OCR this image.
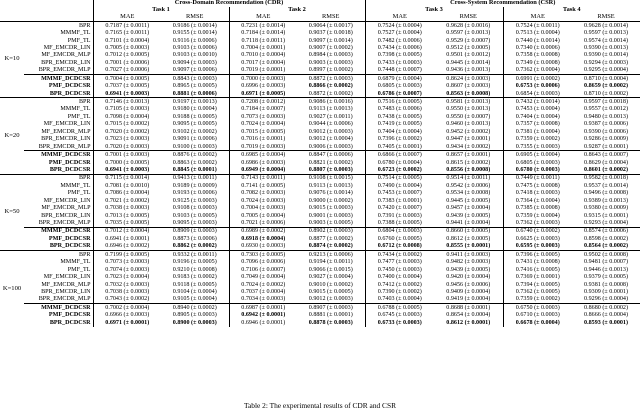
		Cross-Domain Recommendation (CDR)				Cross-System Recommendation (CSR)			
		Task 1		Task 2		Task 3		Task 4	
		MAE	RMSE	MAE	RMSE	MAE	RMSE	MAE	RMSE
K=10	BPR	0.7187 (± 0.0011)	0.9186 (± 0.0014)	0.7231 (± 0.0014)	0.9064 (± 0.0017)	0.7524 (± 0.0004)	0.9628 (± 0.0016)	0.7524 (± 0.0011)	0.9628 (± 0.0014)
	MMMF_TL	0.7165 (± 0.0011)	0.9155 (± 0.0014)	0.7184 (± 0.0014)	0.9037 (± 0.0018)	0.7527 (± 0.0004)	0.9597 (± 0.0013)	0.7513 (± 0.0004)	0.9597 (± 0.0013)
	PMF_TL	0.7101 (± 0.0004)	0.9116 (± 0.0006)	0.7118 (± 0.0011)	0.9097 (± 0.0014)	0.7482 (± 0.0006)	0.9529 (± 0.0007)	0.7440 (± 0.0014)	0.9574 (± 0.0014)
	MF_EMCDR_LIN	0.7005 (± 0.0003)	0.9103 (± 0.0006)	0.7004 (± 0.0001)	0.9007 (± 0.0002)	0.7434 (± 0.0006)	0.9512 (± 0.0005)	0.7340 (± 0.0006)	0.9390 (± 0.0013)
	MF_EMCDR_MLP	0.7012 (± 0.0005)	0.9103 (± 0.0010)	0.7010 (± 0.0004)	0.8984 (± 0.0003)	0.7398 (± 0.0005)	0.9501 (± 0.0012)	0.7358 (± 0.0008)	0.9390 (± 0.0014)
	BPR_EMCDR_LIN	0.7001 (± 0.0006)	0.9094 (± 0.0003)	0.7017 (± 0.0004)	0.9003 (± 0.0003)	0.7433 (± 0.0003)	0.9445 (± 0.0014)	0.7349 (± 0.0008)	0.9294 (± 0.0003)
	BPR_EMCDR_MLP	0.7027 (± 0.0006)	0.9097 (± 0.0006)	0.7019 (± 0.0001)	0.8997 (± 0.0002)	0.7448 (± 0.0007)	0.9436 (± 0.0013)	0.7362 (± 0.0004)	0.9295 (± 0.0004)
	MMMF_DCDCSR	0.7004 (± 0.0005)	0.8843 (± 0.0003)	0.7000 (± 0.0003)	0.8872 (± 0.0003)	0.6879 (± 0.0004)	0.8624 (± 0.0003)	0.6991 (± 0.0002)	0.8710 (± 0.0004)
	PMF_DCDCSR	0.7037 (± 0.0005)	0.8965 (± 0.0005)	0.6996 (± 0.0003)	0.8866 (± 0.0002)	0.6805 (± 0.0003)	0.8607 (± 0.0003)	0.6753 (± 0.0006)	0.8659 (± 0.0002)
	BPR_DCDCSR	0.6941 (± 0.0003)	0.8881 (± 0.0006)	0.6971 (± 0.0005)	0.8872 (± 0.0002)	0.6786 (± 0.0007)	0.8563 (± 0.0008)	0.6854 (± 0.0003)	0.8710 (± 0.0002)
K=20	BPR	0.7146 (± 0.0013)	0.9197 (± 0.0013)	0.7208 (± 0.0012)	0.9086 (± 0.0016)	0.7516 (± 0.0005)	0.9581 (± 0.0013)	0.7432 (± 0.0014)	0.9597 (± 0.0018)
	MMMF_TL	0.7105 (± 0.0003)	0.9180 (± 0.0004)	0.7184 (± 0.0007)	0.9113 (± 0.0013)	0.7483 (± 0.0006)	0.9550 (± 0.0013)	0.7453 (± 0.0004)	0.9557 (± 0.0012)
	PMF_TL	0.7098 (± 0.0004)	0.9188 (± 0.0005)	0.7073 (± 0.0003)	0.9027 (± 0.0011)	0.7438 (± 0.0005)	0.9550 (± 0.0007)	0.7404 (± 0.0004)	0.9480 (± 0.0013)
	MF_EMCDR_LIN	0.7015 (± 0.0002)	0.9095 (± 0.0005)	0.7024 (± 0.0004)	0.9044 (± 0.0006)	0.7419 (± 0.0005)	0.9460 (± 0.0013)	0.7357 (± 0.0008)	0.9387 (± 0.0006)
	MF_EMCDR_MLP	0.7020 (± 0.0002)	0.9102 (± 0.0002)	0.7015 (± 0.0005)	0.9012 (± 0.0003)	0.7404 (± 0.0004)	0.9452 (± 0.0002)	0.7381 (± 0.0004)	0.9390 (± 0.0006)
	BPR_EMCDR_LIN	0.7023 (± 0.0003)	0.9091 (± 0.0006)	0.7016 (± 0.0001)	0.9012 (± 0.0004)	0.7396 (± 0.0002)	0.9447 (± 0.0001)	0.7359 (± 0.0002)	0.9286 (± 0.0009)
	BPR_EMCDR_MLP	0.7020 (± 0.0003)	0.9100 (± 0.0003)	0.7019 (± 0.0003)	0.9006 (± 0.0003)	0.7405 (± 0.0001)	0.9434 (± 0.0002)	0.7355 (± 0.0003)	0.9287 (± 0.0001)
	MMMF_DCDCSR	0.7001 (± 0.0003)	0.8876 (± 0.0002)	0.6985 (± 0.0004)	0.8847 (± 0.0006)	0.6866 (± 0.0007)	0.8657 (± 0.0001)	0.6905 (± 0.0004)	0.8643 (± 0.0007)
	PMF_DCDCSR	0.7000 (± 0.0005)	0.8863 (± 0.0002)	0.6986 (± 0.0003)	0.8821 (± 0.0002)	0.6780 (± 0.0004)	0.8615 (± 0.0002)	0.6805 (± 0.0003)	0.8629 (± 0.0004)
	BPR_DCDCSR	0.6941 (± 0.0003)	0.8845 (± 0.0001)	0.6949 (± 0.0004)	0.8807 (± 0.0003)	0.6723 (± 0.0002)	0.8556 (± 0.0008)	0.6780 (± 0.0003)	0.8601 (± 0.0002)
K=50	BPR	0.7115 (± 0.0014)	0.9413 (± 0.0011)	0.7143 (± 0.0011)	0.9108 (± 0.0015)	0.7514 (± 0.0005)	0.9514 (± 0.0011)	0.7449 (± 0.0011)	0.9582 (± 0.0018)
	MMMF_TL	0.7081 (± 0.0010)	0.9189 (± 0.0009)	0.7141 (± 0.0005)	0.9113 (± 0.0013)	0.7490 (± 0.0004)	0.9542 (± 0.0006)	0.7475 (± 0.0008)	0.9537 (± 0.0014)
	PMF_TL	0.7086 (± 0.0004)	0.9193 (± 0.0006)	0.7082 (± 0.0003)	0.9076 (± 0.0014)	0.7453 (± 0.0007)	0.9534 (± 0.0008)	0.7418 (± 0.0003)	0.9496 (± 0.0008)
	MF_EMCDR_LIN	0.7021 (± 0.0002)	0.9125 (± 0.0003)	0.7024 (± 0.0003)	0.9000 (± 0.0002)	0.7383 (± 0.0001)	0.9445 (± 0.0005)	0.7364 (± 0.0004)	0.9389 (± 0.0013)
	MF_EMCDR_MLP	0.7038 (± 0.0003)	0.9108 (± 0.0003)	0.7004 (± 0.0003)	0.9015 (± 0.0003)	0.7420 (± 0.0007)	0.9457 (± 0.0004)	0.7385 (± 0.0008)	0.9380 (± 0.0009)
	BPR_EMCDR_LIN	0.7013 (± 0.0005)	0.9103 (± 0.0005)	0.7005 (± 0.0004)	0.9001 (± 0.0003)	0.7391 (± 0.0003)	0.9439 (± 0.0005)	0.7359 (± 0.0004)	0.9315 (± 0.0001)
	BPR_EMCDR_MLP	0.7035 (± 0.0005)	0.9095 (± 0.0003)	0.7021 (± 0.0006)	0.9003 (± 0.0005)	0.7388 (± 0.0005)	0.9441 (± 0.0004)	0.7362 (± 0.0003)	0.9293 (± 0.0004)
	MMMF_DCDCSR	0.7012 (± 0.0004)	0.8909 (± 0.0003)	0.6989 (± 0.0002)	0.8902 (± 0.0003)	0.6804 (± 0.0003)	0.8660 (± 0.0005)	0.6740 (± 0.0002)	0.8574 (± 0.0006)
	PMF_DCDCSR	0.6941 (± 0.0001)	0.8873 (± 0.0006)	0.6918 (± 0.0004)	0.8877 (± 0.0002)	0.6760 (± 0.0005)	0.8612 (± 0.0005)	0.6625 (± 0.0003)	0.8598 (± 0.0002)
	BPR_DCDCSR	0.6946 (± 0.0002)	0.8862 (± 0.0002)	0.6930 (± 0.0003)	0.8874 (± 0.0002)	0.6712 (± 0.0008)	0.8555 (± 0.0001)	0.6595 (± 0.0003)	0.8564 (± 0.0002)
K=100	BPR	0.7199 (± 0.0005)	0.9332 (± 0.0011)	0.7303 (± 0.0005)	0.9213 (± 0.0006)	0.7434 (± 0.0002)	0.9411 (± 0.0003)	0.7396 (± 0.0005)	0.9502 (± 0.0008)
	MMMF_TL	0.7073 (± 0.0003)	0.9196 (± 0.0005)	0.7096 (± 0.0006)	0.9194 (± 0.0011)	0.7477 (± 0.0003)	0.9482 (± 0.0003)	0.7431 (± 0.0008)	0.9481 (± 0.0007)
	PMF_TL	0.7074 (± 0.0003)	0.9210 (± 0.0008)	0.7106 (± 0.0007)	0.9066 (± 0.0015)	0.7450 (± 0.0003)	0.9439 (± 0.0005)	0.7416 (± 0.0005)	0.9446 (± 0.0013)
	MF_EMCDR_LIN	0.7023 (± 0.0004)	0.9183 (± 0.0002)	0.7049 (± 0.0004)	0.9027 (± 0.0004)	0.7400 (± 0.0004)	0.9420 (± 0.0004)	0.7369 (± 0.0001)	0.9379 (± 0.0005)
	MF_EMCDR_MLP	0.7032 (± 0.0003)	0.9118 (± 0.0005)	0.7024 (± 0.0002)	0.9010 (± 0.0002)	0.7412 (± 0.0002)	0.9456 (± 0.0006)	0.7394 (± 0.0005)	0.9381 (± 0.0008)
	BPR_EMCDR_LIN	0.7038 (± 0.0003)	0.9104 (± 0.0004)	0.7037 (± 0.0004)	0.9015 (± 0.0005)	0.7390 (± 0.0002)	0.9409 (± 0.0004)	0.7362 (± 0.0005)	0.9309 (± 0.0001)
	BPR_EMCDR_MLP	0.7043 (± 0.0002)	0.9105 (± 0.0004)	0.7034 (± 0.0003)	0.9012 (± 0.0003)	0.7403 (± 0.0004)	0.9419 (± 0.0004)	0.7359 (± 0.0002)	0.9296 (± 0.0004)
	MMMF_DCDCSR	0.7002 (± 0.0004)	0.8940 (± 0.0002)	0.6987 (± 0.0001)	0.8907 (± 0.0003)	0.6788 (± 0.0005)	0.8688 (± 0.0001)	0.6750 (± 0.0003)	0.8680 (± 0.0002)
	PMF_DCDCSR	0.6966 (± 0.0003)	0.8905 (± 0.0003)	0.6942 (± 0.0001)	0.8881 (± 0.0001)	0.6745 (± 0.0003)	0.8654 (± 0.0004)	0.6710 (± 0.0003)	0.8666 (± 0.0004)
	BPR_DCDCSR	0.6971 (± 0.0001)	0.8900 (± 0.0003)	0.6946 (± 0.0001)	0.8878 (± 0.0003)	0.6733 (± 0.0003)	0.8612 (± 0.0001)	0.6678 (± 0.0004)	0.8593 (± 0.0001)
Table 2: The experimental results of CDR and CSR
